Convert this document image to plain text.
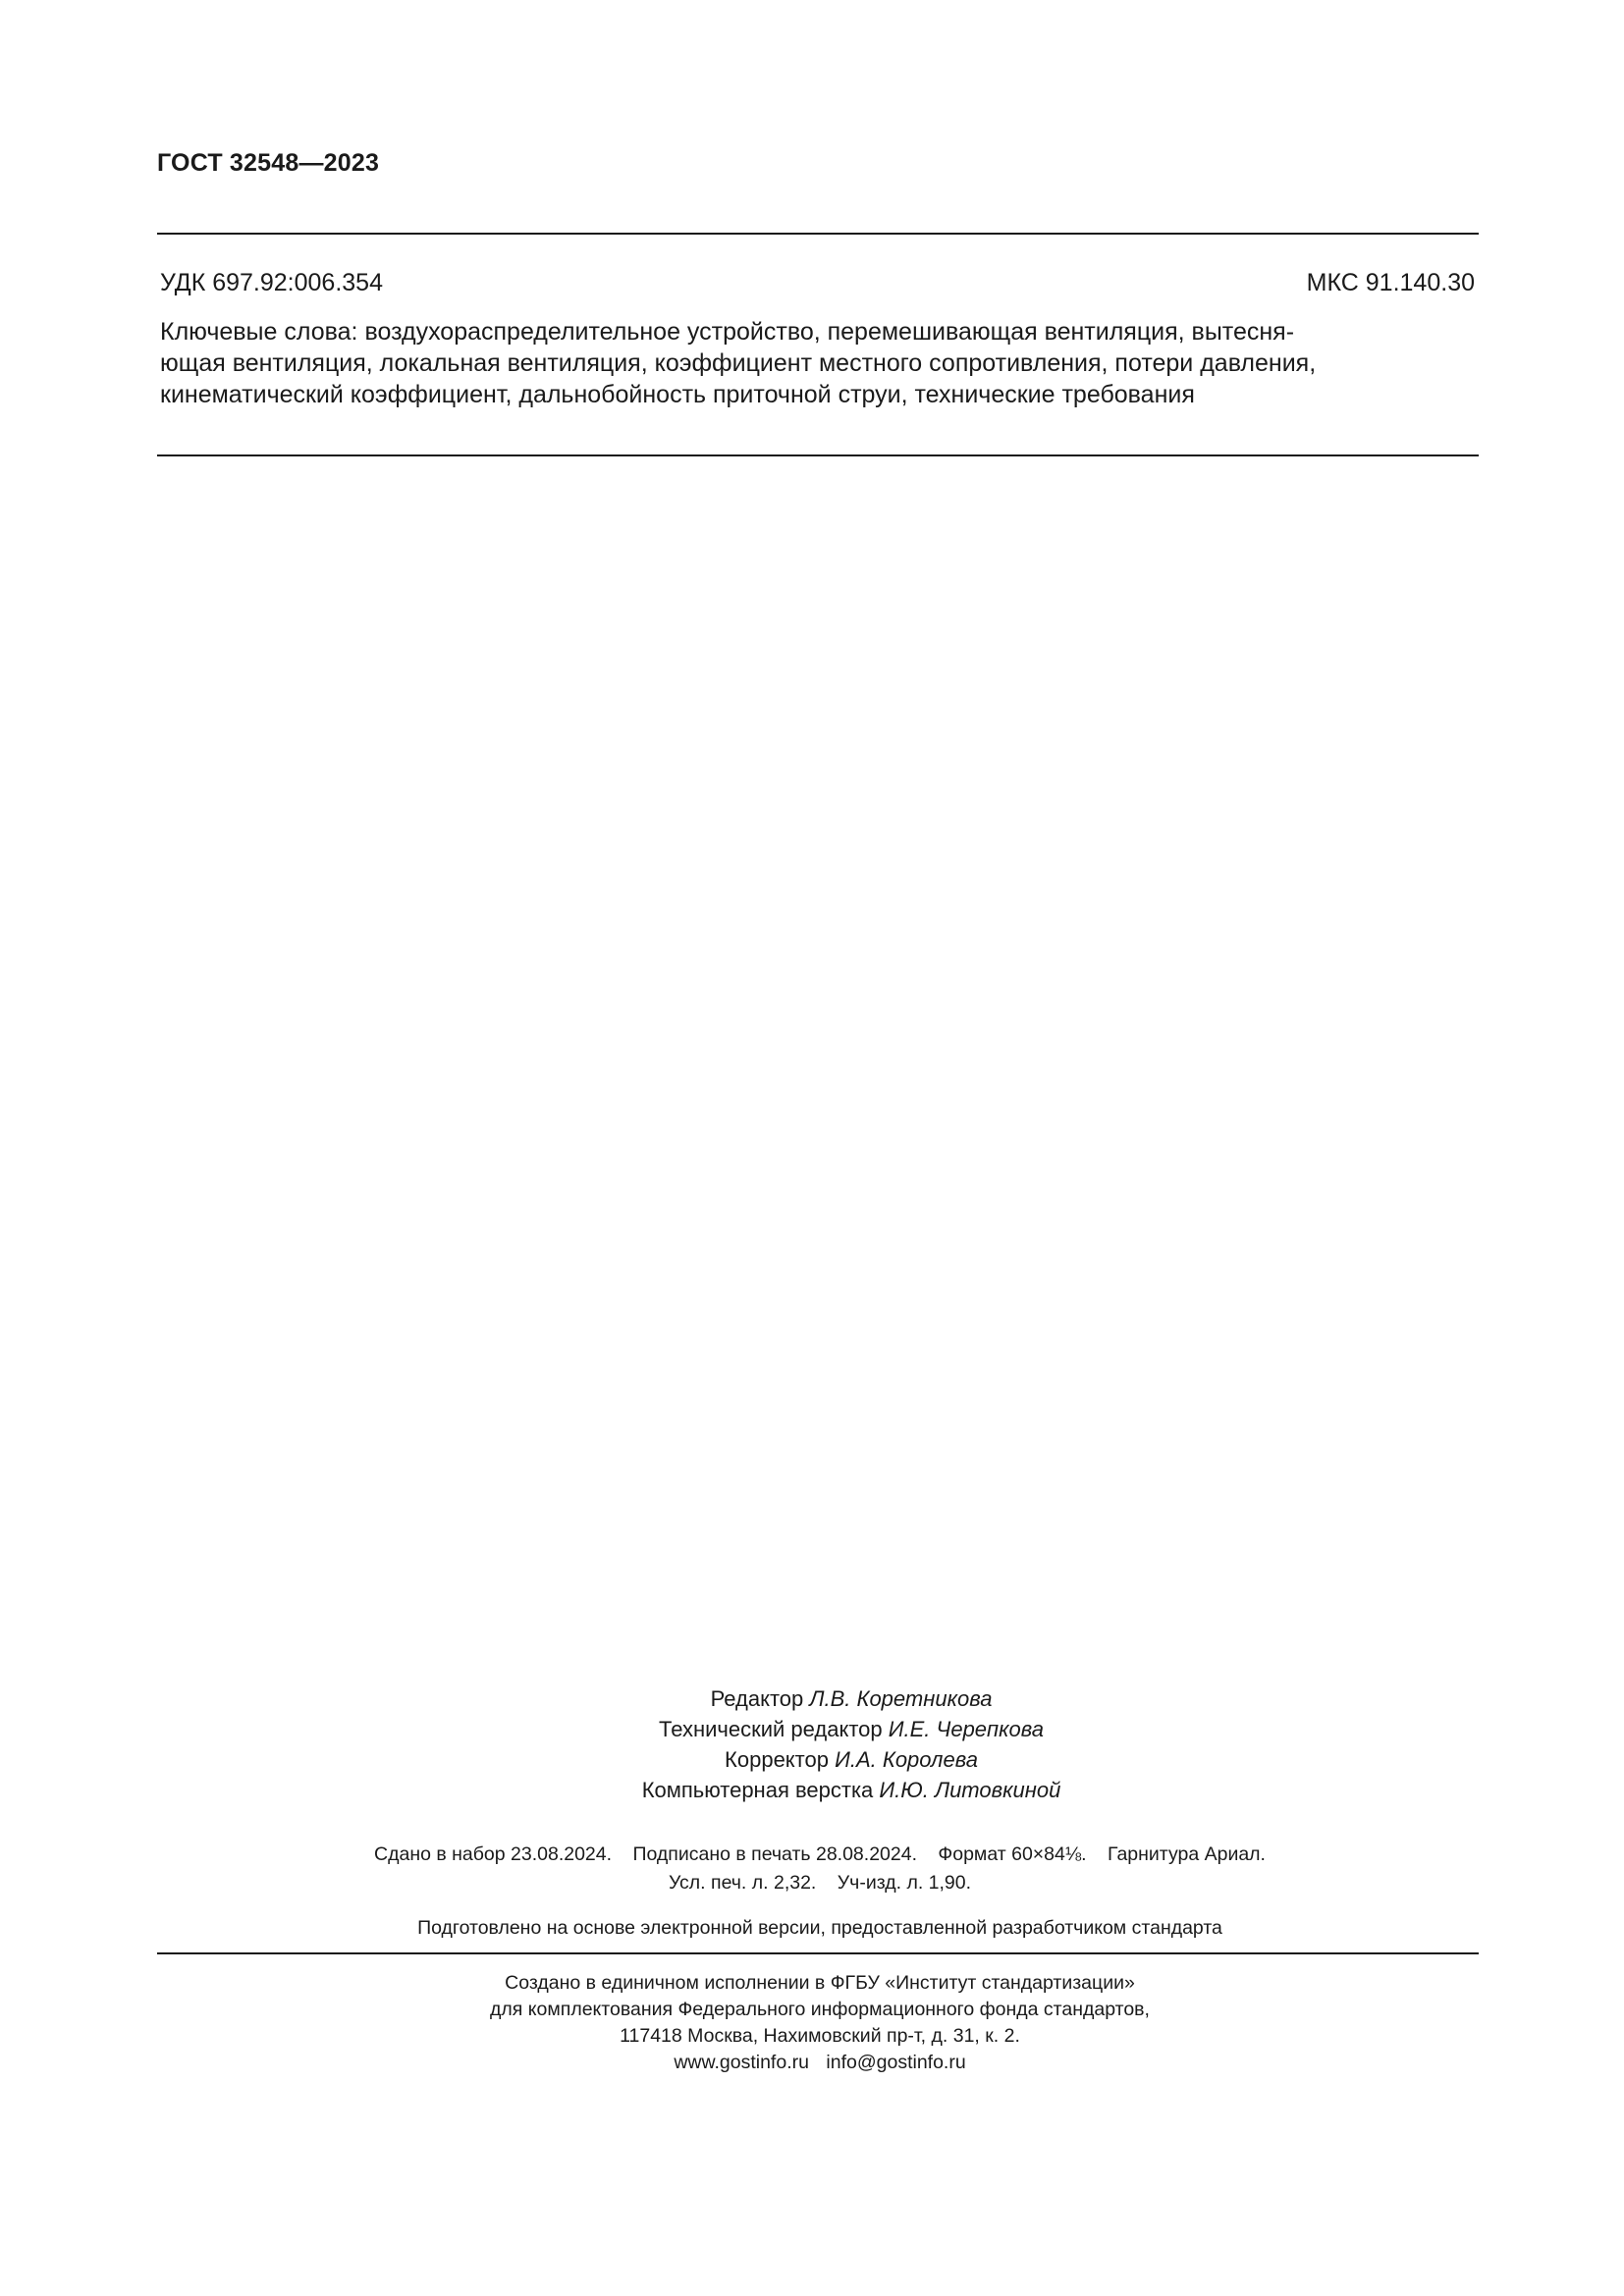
ГОСТ 32548—2023
УДК 697.92:006.354	МКС 91.140.30

Ключевые слова: воздухораспределительное устройство, перемешивающая вентиляция, вытесня-
ющая вентиляция, локальная вентиляция, коэффициент местного сопротивления, потери давления,
кинематический коэффициент, дальнобойность приточной струи, технические требования

Редактор Л.В. Коретникова
Технический редактор И.Е. Черепкова
Корректор И.А. Королева
Компьютерная верстка И.Ю. Литовкиной
Сдано в набор 23.08.2024. Подписано в печать 28.08.2024. Формат 60×84⅛. Гарнитура Ариал.
Усл. печ. л. 2,32. Уч-изд. л. 1,90.
Подготовлено на основе электронной версии, предоставленной разработчиком стандарта
Создано в единичном исполнении в ФГБУ «Институт стандартизации»
для комплектования Федерального информационного фонда стандартов,
117418 Москва, Нахимовский пр-т, д. 31, к. 2.
www.gostinfo.ru info@gostinfo.ru
